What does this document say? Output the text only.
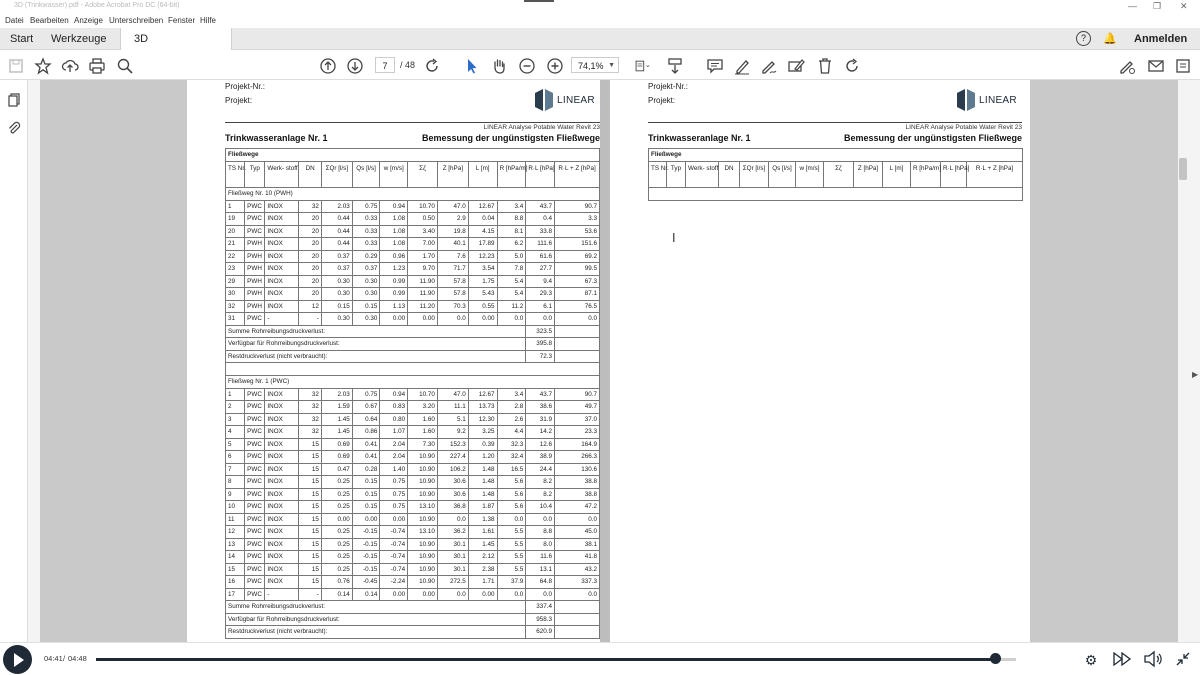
3D (Trinkwasser).pdf - Adobe Acrobat Pro DC (64-bit)	— ❐ ✕
Datei Bearbeiten Anzeige Unterschreiben Fenster Hilfe
Start Werkzeuge	3D	?	🔔 Anmelden
7	/ 48	74,1% ▼
▶
Projekt-Nr.:
Projekt:	LINEAR
LINEAR Analyse Potable Water Revit 23
Trinkwasseranlage Nr. 1	Bemessung der ungünstigsten Fließwege
Fließwege												
TS Nr.	Typ	Werk- stoff	DN	ΣQr [l/s]	Qs [l/s]	w [m/s]	Σζ	Z [hPa]	L [m]	R [hPa/m]	R·L [hPa]	R·L + Z [hPa]
Fließweg Nr. 10 (PWH)												
1	PWC	INOX	32	2.03	0.75	0.94	10.70	47.0	12.67	3.4	43.7	90.7
19	PWC	INOX	20	0.44	0.33	1.08	0.50	2.9	0.04	8.8	0.4	3.3
20	PWC	INOX	20	0.44	0.33	1.08	3.40	19.8	4.15	8.1	33.8	53.6
21	PWH	INOX	20	0.44	0.33	1.08	7.00	40.1	17.89	6.2	111.6	151.6
22	PWH	INOX	20	0.37	0.29	0.96	1.70	7.6	12.23	5.0	61.6	69.2
23	PWH	INOX	20	0.37	0.37	1.23	9.70	71.7	3.54	7.8	27.7	99.5
29	PWH	INOX	20	0.30	0.30	0.99	11.90	57.8	1.75	5.4	9.4	67.3
30	PWH	INOX	20	0.30	0.30	0.99	11.90	57.8	5.43	5.4	29.3	87.1
32	PWH	INOX	12	0.15	0.15	1.13	11.20	70.3	0.55	11.2	6.1	76.5
31	PWC	-	-	0.30	0.30	0.00	0.00	0.0	0.00	0.0	0.0	0.0
Summe Rohrreibungsdruckverlust:											323.5	
Verfügbar für Rohrreibungsdruckverlust:											395.8	
Restdruckverlust (nicht verbraucht):											72.3	

Fließweg Nr. 1 (PWC)												
1	PWC	INOX	32	2.03	0.75	0.94	10.70	47.0	12.67	3.4	43.7	90.7
2	PWC	INOX	32	1.59	0.67	0.83	3.20	11.1	13.73	2.8	38.6	49.7
3	PWC	INOX	32	1.45	0.64	0.80	1.60	5.1	12.30	2.6	31.9	37.0
4	PWC	INOX	32	1.45	0.86	1.07	1.60	9.2	3.25	4.4	14.2	23.3
5	PWC	INOX	15	0.69	0.41	2.04	7.30	152.3	0.39	32.3	12.6	164.9
6	PWC	INOX	15	0.69	0.41	2.04	10.90	227.4	1.20	32.4	38.9	266.3
7	PWC	INOX	15	0.47	0.28	1.40	10.90	106.2	1.48	16.5	24.4	130.6
8	PWC	INOX	15	0.25	0.15	0.75	10.90	30.6	1.48	5.6	8.2	38.8
9	PWC	INOX	15	0.25	0.15	0.75	10.90	30.6	1.48	5.6	8.2	38.8
10	PWC	INOX	15	0.25	0.15	0.75	13.10	36.8	1.87	5.6	10.4	47.2
11	PWC	INOX	15	0.00	0.00	0.00	10.90	0.0	1.38	0.0	0.0	0.0
12	PWC	INOX	15	0.25	-0.15	-0.74	13.10	36.2	1.61	5.5	8.8	45.0
13	PWC	INOX	15	0.25	-0.15	-0.74	10.90	30.1	1.45	5.5	8.0	38.1
14	PWC	INOX	15	0.25	-0.15	-0.74	10.90	30.1	2.12	5.5	11.6	41.8
15	PWC	INOX	15	0.25	-0.15	-0.74	10.90	30.1	2.38	5.5	13.1	43.2
16	PWC	INOX	15	0.76	-0.45	-2.24	10.90	272.5	1.71	37.9	64.8	337.3
17	PWC	-	-	0.14	0.14	0.00	0.00	0.0	0.00	0.0	0.0	0.0
Summe Rohrreibungsdruckverlust:											337.4	
Verfügbar für Rohrreibungsdruckverlust:											958.3	
Restdruckverlust (nicht verbraucht):											620.9	
Projekt-Nr.:
Projekt:	LINEAR
LINEAR Analyse Potable Water Revit 23
Trinkwasseranlage Nr. 1	Bemessung der ungünstigsten Fließwege
Fließwege
TS Nr.	Typ	Werk- stoff	DN	ΣQr [l/s]	Qs [l/s]	w [m/s]	Σζ	Z [hPa]	L [m]	R [hPa/m]	R·L [hPa]	R·L + Z [hPa]

Ⅰ
04:41 / 04:48	⚙
